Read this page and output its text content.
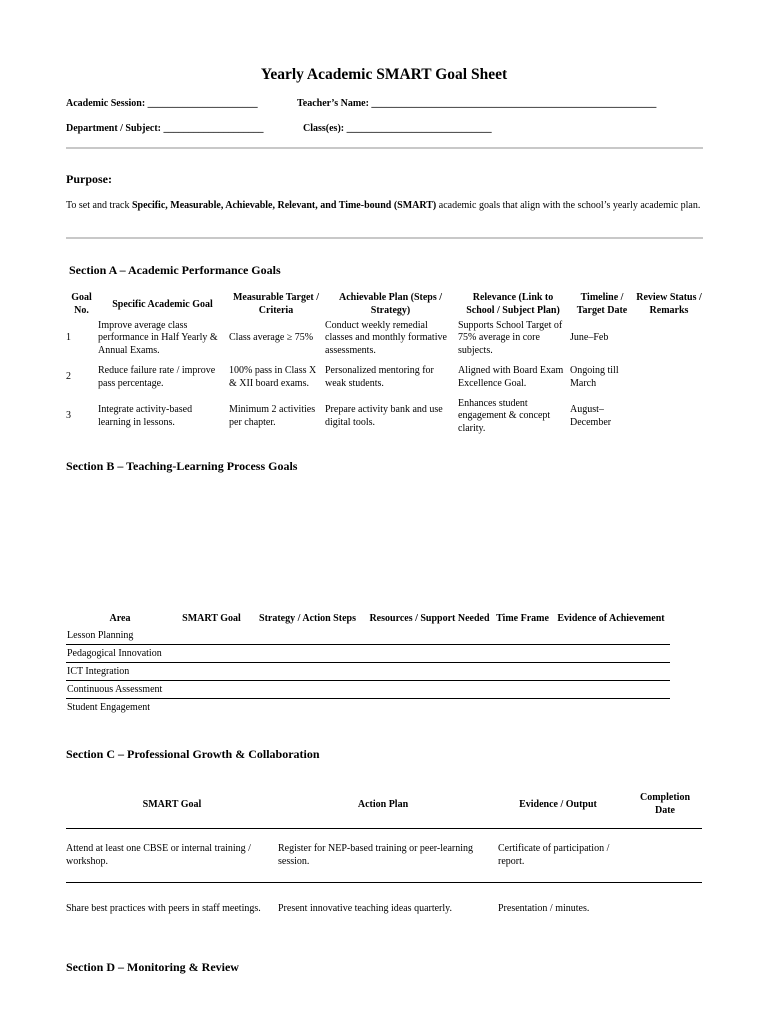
Yearly Academic SMART Goal Sheet
Academic Session: ______________________	Teacher’s Name: _________________________________________________________
Department / Subject: ____________________	Class(es): _____________________________
Purpose:
To set and track Specific, Measurable, Achievable, Relevant, and Time-bound (SMART) academic goals that align with the school’s yearly academic plan.
Section A – Academic Performance Goals
Goal No.	Specific Academic Goal	Measurable Target / Criteria	Achievable Plan (Steps / Strategy)	Relevance (Link to School / Subject Plan)	Timeline / Target Date	Review Status / Remarks
1	Improve average class performance in Half Yearly & Annual Exams.	Class average ≥ 75%	Conduct weekly remedial classes and monthly formative assessments.	Supports School Target of 75% average in core subjects.	June–Feb	
2	Reduce failure rate / improve pass percentage.	100% pass in Class X & XII board exams.	Personalized mentoring for weak students.	Aligned with Board Exam Excellence Goal.	Ongoing till March	
3	Integrate activity-based learning in lessons.	Minimum 2 activities per chapter.	Prepare activity bank and use digital tools.	Enhances student engagement & concept clarity.	August–December	
Section B – Teaching-Learning Process Goals
Area	SMART Goal	Strategy / Action Steps	Resources / Support Needed	Time Frame	Evidence of Achievement
Lesson Planning					
Pedagogical Innovation					
ICT Integration					
Continuous Assessment					
Student Engagement					
Section C – Professional Growth & Collaboration
SMART Goal	Action Plan	Evidence / Output	Completion Date
Attend at least one CBSE or internal training / workshop.	Register for NEP-based training or peer-learning session.	Certificate of participation / report.	
Share best practices with peers in staff meetings.	Present innovative teaching ideas quarterly.	Presentation / minutes.	
Section D – Monitoring & Review
